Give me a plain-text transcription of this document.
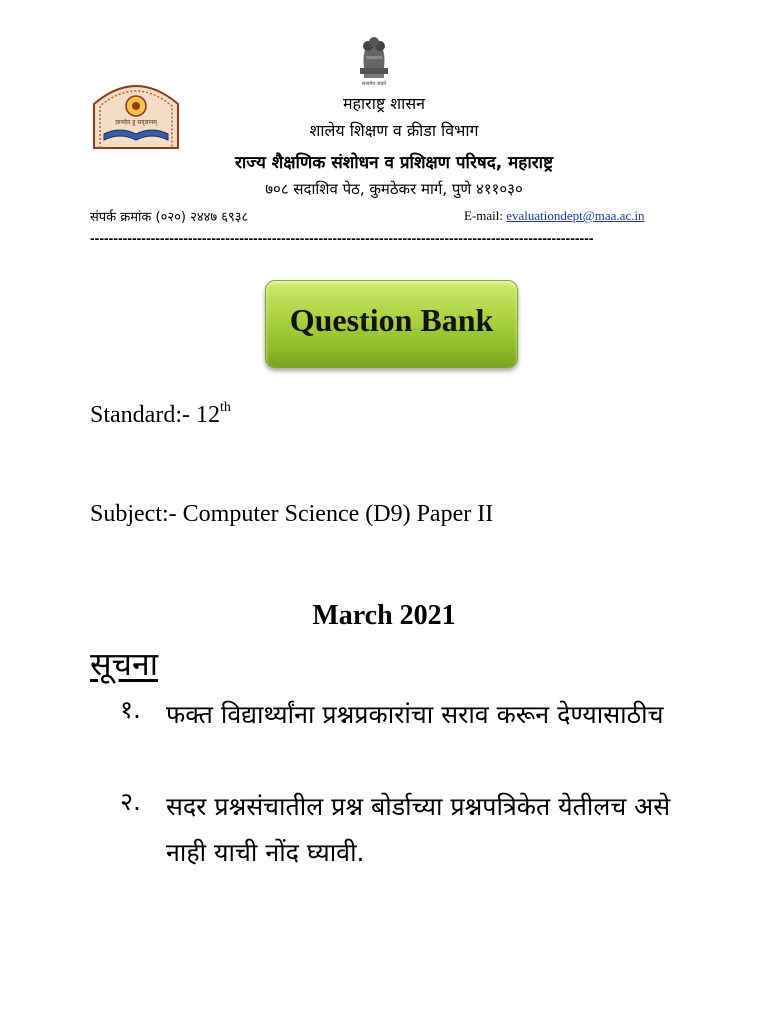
सत्यमेव जयते
ज्ञानदेव हु सद्ज्ञानम्
महाराष्ट्र शासन
शालेय शिक्षण व क्रीडा विभाग
राज्य शैक्षणिक संशोधन व प्रशिक्षण परिषद, महाराष्ट्र
७०८ सदाशिव पेठ, कुमठेकर मार्ग, पुणे ४११०३०
संपर्क क्रमांक (०२०) २४४७ ६९३८	E-mail: evaluationdept@maa.ac.in
------------------------------------------------------------------------------------------------------------
Question Bank
Standard:- 12th
Subject:- Computer Science (D9) Paper II
March 2021
सूचना
१.	फक्त विद्यार्थ्यांना प्रश्नप्रकारांचा सराव करून देण्यासाठीच
२.	सदर प्रश्नसंचातील प्रश्न बोर्डाच्या प्रश्नपत्रिकेत येतीलच असे नाही याची नोंद घ्यावी.
